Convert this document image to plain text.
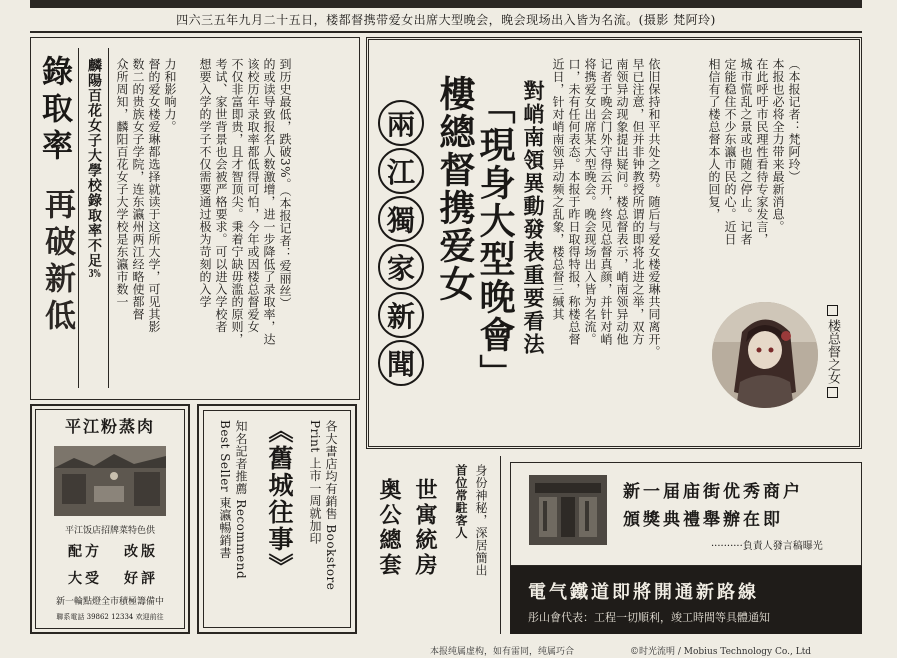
四六三五年九月二十五日，楼都督携带爱女出席大型晚会，晚会现场出入皆为名流。(摄影 梵阿玲)
錄取率
再破新低 麟陽百花女子大學校錄取率不足3% 众所周知，麟阳百花女子大学校是东瀛市数一 数二的贵族女子学院，连东瀛州两江经略使都督 督的爱女楼爱琳都选择就读于这所大学，可见其影 力和影响力。 想要入学的学子不仅需要通过极为苛刻的入学 考试、家世背景也会被严格要求。可以进入学校者 不仅非富即贵，且才智顶尖。秉着宁缺毋滥的原则， 该校历年录取率都低得可怕，今年或因楼总督爱女 的或读导致报名人数激增，进一步降低了录取率，达 到历史最低，跌破3%。（本报记者：爱丽丝）	兩
江
獨
家
新
聞
樓總督携爱女
「現身大型晚會」 對峭南領異動發表重要看法 近日，针对峭南领异动频之乱象，楼总督三缄其 口，未有任何表态。本报于昨日取得特报，称楼总督 将携爱女出席某大型晚会。晚会现场出入皆为名流。 记者于晚会门外守得云开，终见总督真颜，并针对峭 南领异动现象提出疑问。楼总督表示，峭南领异动他 早已注意，但并非钟教授所谓的即将北进之举，双方 依旧保持和平共处之势。随后与爱女楼爱琳共同离开。	相信有了楼总督本人的回复， 定能稳住不少东瀛市民的心。近日 城市慌乱之景或也随之停止。记者 在此呼吁市民理性看待专家发言， 本报也必将全力带来最新消息。 （本报记者：梵阿玲）
楼总督之女
平江粉蒸肉
平江饭店招牌菜特色供
配方 改版
大受 好評
新一輪點燈全市積極籌備中
聯系電話 39862 12334 欢迎前往
Print 上市一周就加印 各大書店均有銷售 Bookstore
《舊城往事》
Best Seller 東瀛暢銷書 知名記者推薦 Recommend	奥公總套 世寓統房 首位常駐客人 身份神秘，深居簡出	新一届庙街优秀商户
頒獎典禮舉辦在即
··········負責人發言稿曝光
電气鐵道即將開通新路線
彤山會代表：工程一切順利，竣工時間等具體通知
本报纯属虚构，如有雷同，纯属巧合	©时光流明 / Mobius Technology Co., Ltd
